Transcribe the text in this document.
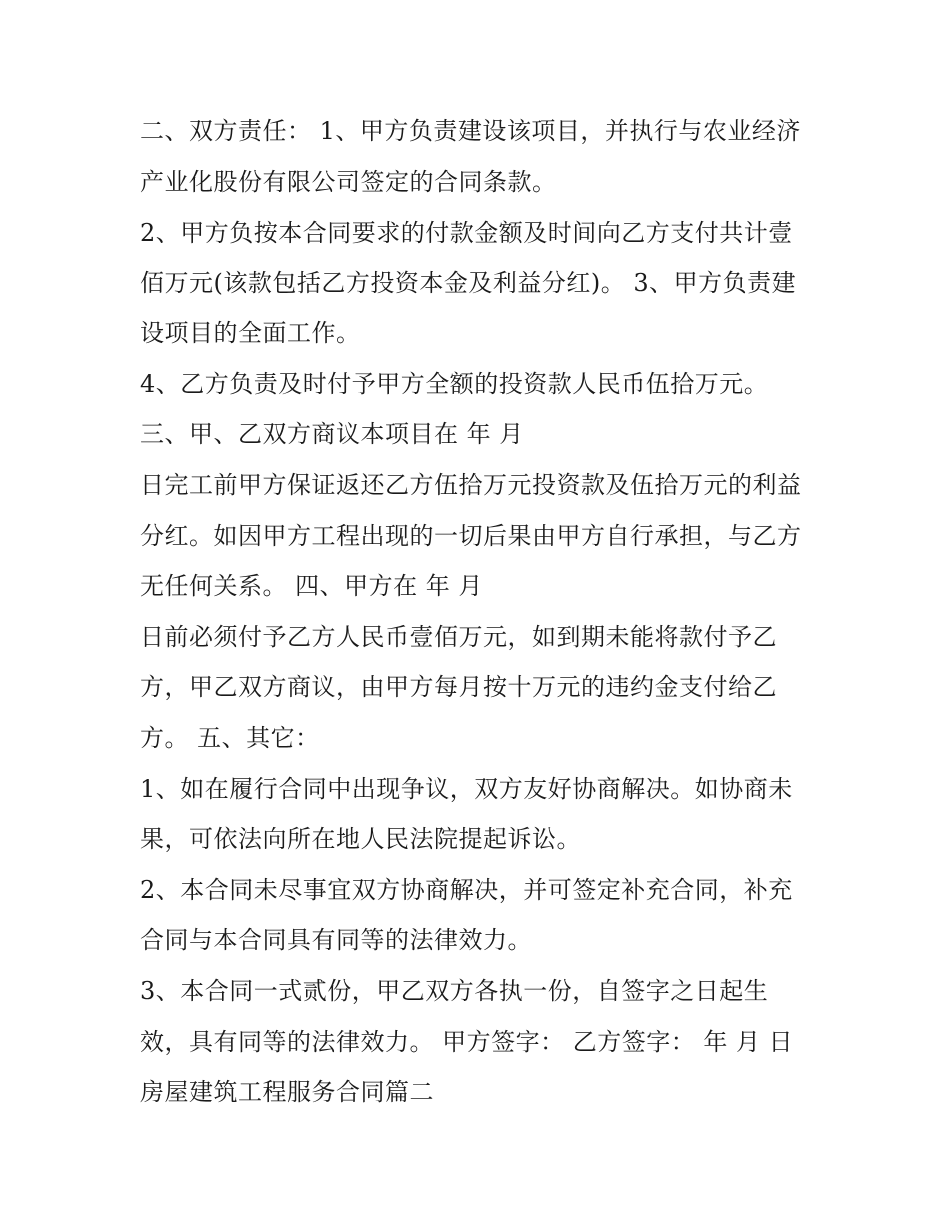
二、双方责任： 1、甲方负责建设该项目，并执行与农业经济
产业化股份有限公司签定的合同条款。
2、甲方负按本合同要求的付款金额及时间向乙方支付共计壹
佰万元(该款包括乙方投资本金及利益分红)。 3、甲方负责建
设项目的全面工作。
4、乙方负责及时付予甲方全额的投资款人民币伍拾万元。
三、甲、乙双方商议本项目在 年 月
日完工前甲方保证返还乙方伍拾万元投资款及伍拾万元的利益
分红。如因甲方工程出现的一切后果由甲方自行承担，与乙方
无任何关系。 四、甲方在 年 月
日前必须付予乙方人民币壹佰万元，如到期未能将款付予乙
方，甲乙双方商议，由甲方每月按十万元的违约金支付给乙
方。 五、其它：
1、如在履行合同中出现争议，双方友好协商解决。如协商未
果，可依法向所在地人民法院提起诉讼。
2、本合同未尽事宜双方协商解决，并可签定补充合同，补充
合同与本合同具有同等的法律效力。
3、本合同一式贰份，甲乙双方各执一份，自签字之日起生
效，具有同等的法律效力。 甲方签字： 乙方签字： 年 月 日
房屋建筑工程服务合同篇二
